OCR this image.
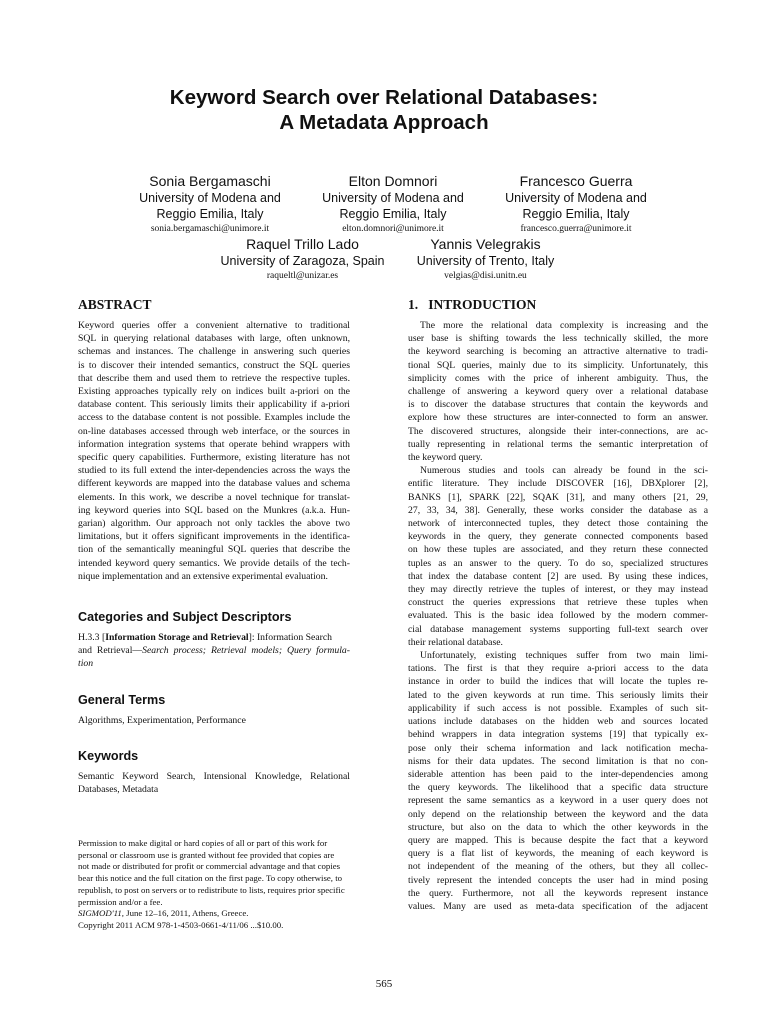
Keyword Search over Relational Databases:
A Metadata Approach
Sonia Bergamaschi
University of Modena and
Reggio Emilia, Italy
sonia.bergamaschi@unimore.it
Elton Domnori
University of Modena and
Reggio Emilia, Italy
elton.domnori@unimore.it
Francesco Guerra
University of Modena and
Reggio Emilia, Italy
francesco.guerra@unimore.it
Raquel Trillo Lado
University of Zaragoza, Spain
raqueltl@unizar.es
Yannis Velegrakis
University of Trento, Italy
velgias@disi.unitn.eu
ABSTRACT
Keyword queries offer a convenient alternative to traditional
SQL in querying relational databases with large, often unknown,
schemas and instances. The challenge in answering such queries
is to discover their intended semantics, construct the SQL queries
that describe them and used them to retrieve the respective tuples.
Existing approaches typically rely on indices built a-priori on the
database content. This seriously limits their applicability if a-priori
access to the database content is not possible. Examples include the
on-line databases accessed through web interface, or the sources in
information integration systems that operate behind wrappers with
specific query capabilities. Furthermore, existing literature has not
studied to its full extend the inter-dependencies across the ways the
different keywords are mapped into the database values and schema
elements. In this work, we describe a novel technique for translat-
ing keyword queries into SQL based on the Munkres (a.k.a. Hun-
garian) algorithm. Our approach not only tackles the above two
limitations, but it offers significant improvements in the identifica-
tion of the semantically meaningful SQL queries that describe the
intended keyword query semantics. We provide details of the tech-
nique implementation and an extensive experimental evaluation.
Categories and Subject Descriptors
H.3.3 [Information Storage and Retrieval]: Information Search
and Retrieval—Search process; Retrieval models; Query formula-
tion
General Terms
Algorithms, Experimentation, Performance
Keywords
Semantic Keyword Search, Intensional Knowledge, Relational
Databases, Metadata
Permission to make digital or hard copies of all or part of this work for
personal or classroom use is granted without fee provided that copies are
not made or distributed for profit or commercial advantage and that copies
bear this notice and the full citation on the first page. To copy otherwise, to
republish, to post on servers or to redistribute to lists, requires prior specific
permission and/or a fee.
SIGMOD'11, June 12–16, 2011, Athens, Greece.
Copyright 2011 ACM 978-1-4503-0661-4/11/06 ...$10.00.
1.   INTRODUCTION
The more the relational data complexity is increasing and the
user base is shifting towards the less technically skilled, the more
the keyword searching is becoming an attractive alternative to tradi-
tional SQL queries, mainly due to its simplicity. Unfortunately, this
simplicity comes with the price of inherent ambiguity. Thus, the
challenge of answering a keyword query over a relational database
is to discover the database structures that contain the keywords and
explore how these structures are inter-connected to form an answer.
The discovered structures, alongside their inter-connections, are ac-
tually representing in relational terms the semantic interpretation of
the keyword query.
Numerous studies and tools can already be found in the sci-
entific literature. They include DISCOVER [16], DBXplorer [2],
BANKS [1], SPARK [22], SQAK [31], and many others [21, 29,
27, 33, 34, 38]. Generally, these works consider the database as a
network of interconnected tuples, they detect those containing the
keywords in the query, they generate connected components based
on how these tuples are associated, and they return these connected
tuples as an answer to the query. To do so, specialized structures
that index the database content [2] are used. By using these indices,
they may directly retrieve the tuples of interest, or they may instead
construct the queries expressions that retrieve these tuples when
evaluated. This is the basic idea followed by the modern commer-
cial database management systems supporting full-text search over
their relational database.
Unfortunately, existing techniques suffer from two main limi-
tations. The first is that they require a-priori access to the data
instance in order to build the indices that will locate the tuples re-
lated to the given keywords at run time. This seriously limits their
applicability if such access is not possible. Examples of such sit-
uations include databases on the hidden web and sources located
behind wrappers in data integration systems [19] that typically ex-
pose only their schema information and lack notification mecha-
nisms for their data updates. The second limitation is that no con-
siderable attention has been paid to the inter-dependencies among
the query keywords. The likelihood that a specific data structure
represent the same semantics as a keyword in a user query does not
only depend on the relationship between the keyword and the data
structure, but also on the data to which the other keywords in the
query are mapped. This is because despite the fact that a keyword
query is a flat list of keywords, the meaning of each keyword is
not independent of the meaning of the others, but they all collec-
tively represent the intended concepts the user had in mind posing
the query. Furthermore, not all the keywords represent instance
values. Many are used as meta-data specification of the adjacent
565
